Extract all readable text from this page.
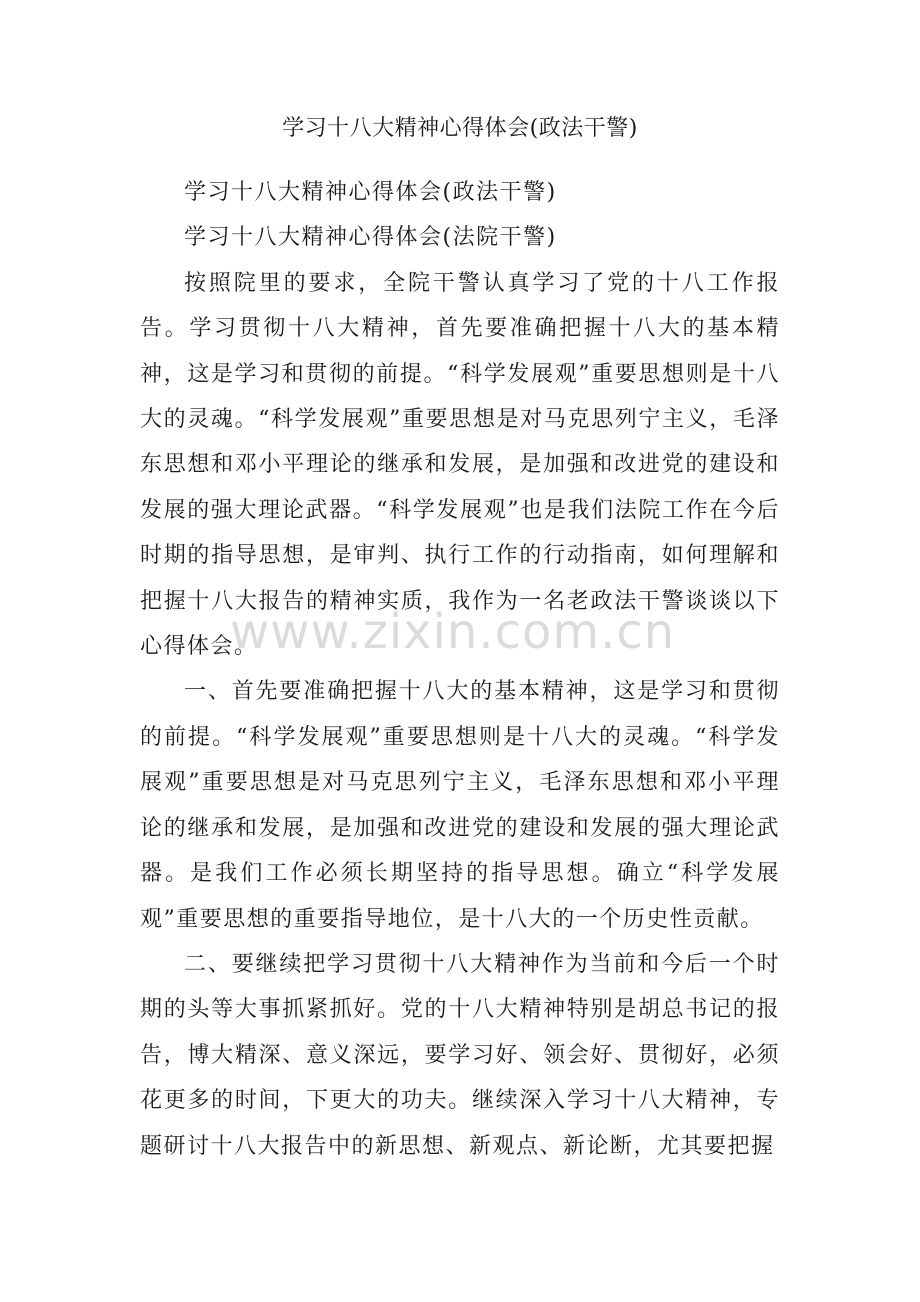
学习十八大精神心得体会(政法干警)

学习十八大精神心得体会(政法干警)

学习十八大精神心得体会(法院干警)

按照院里的要求，全院干警认真学习了党的十八工作报告。学习贯彻十八大精神，首先要准确把握十八大的基本精神，这是学习和贯彻的前提。“科学发展观”重要思想则是十八大的灵魂。“科学发展观”重要思想是对马克思列宁主义，毛泽东思想和邓小平理论的继承和发展，是加强和改进党的建设和发展的强大理论武器。“科学发展观”也是我们法院工作在今后时期的指导思想，是审判、执行工作的行动指南，如何理解和把握十八大报告的精神实质，我作为一名老政法干警谈谈以下心得体会。

一、首先要准确把握十八大的基本精神，这是学习和贯彻的前提。“科学发展观”重要思想则是十八大的灵魂。“科学发展观”重要思想是对马克思列宁主义，毛泽东思想和邓小平理论的继承和发展，是加强和改进党的建设和发展的强大理论武器。是我们工作必须长期坚持的指导思想。确立“科学发展观”重要思想的重要指导地位，是十八大的一个历史性贡献。

二、要继续把学习贯彻十八大精神作为当前和今后一个时期的头等大事抓紧抓好。党的十八大精神特别是胡总书记的报告，博大精深、意义深远，要学习好、领会好、贯彻好，必须花更多的时间，下更大的功夫。继续深入学习十八大精神，专题研讨十八大报告中的新思想、新观点、新论断，尤其要把握

www.zixin.com.cn
